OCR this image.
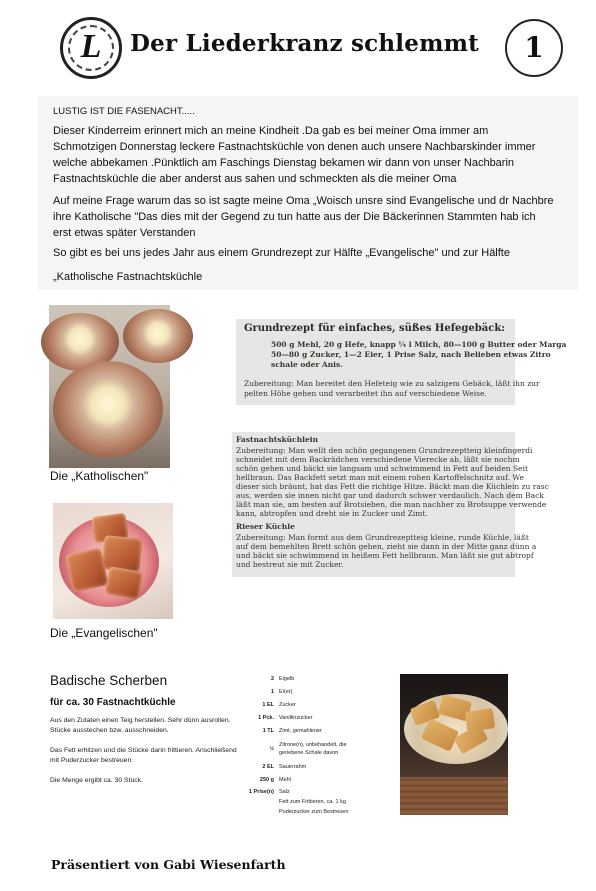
L	Der Liederkranz schlemmt	1
LUSTIG IST DIE FASENACHT.....
Dieser Kinderreim erinnert mich an meine Kindheit .Da gab es bei meiner Oma immer am
Schmotzigen Donnerstag leckere Fastnachtsküchle von denen auch unsere Nachbarskinder immer
welche abbekamen .Pünktlich am Faschings Dienstag bekamen wir dann von unser Nachbarin
Fastnachtsküchle die aber anderst aus sahen und schmeckten als die meiner Oma
Auf meine Frage warum das so ist sagte meine Oma „Woisch unsre sind Evangelische und dr Nachbre
ihre Katholische "Das dies mit der Gegend zu tun hatte aus der Die Bäckerinnen Stammten hab ich
erst etwas später Verstanden
So gibt es bei uns jedes Jahr aus einem Grundrezept zur Hälfte „Evangelische" und zur Hälfte
„Katholische Fastnachtsküchle
Die „Katholischen"
Die „Evangelischen"
Grundrezept für einfaches, süßes Hefegebäck:
500 g Mehl, 20 g Hefe, knapp ¼ l Milch, 80—100 g Butter oder Marga
50—80 g Zucker, 1—2 Eier, 1 Prise Salz, nach Belieben etwas Zitro
schale oder Anis.
Zubereitung: Man bereitet den Hefeteig wie zu salzigem Gebäck, läßt ihn zur
pelten Höhe gehen und verarbeitet ihn auf verschiedene Weise.
Fastnachtsküchlein
Zubereitung: Man wellt den schön gegangenen Grundrezeptteig kleinfingerdi
schneidet mit dem Backrädchen verschiedene Vierecke ab, läßt sie nochm
schön gehen und bäckt sie langsam und schwimmend in Fett auf beiden Seit
hellbraun. Das Backfett setzt man mit einem rohen Kartoffelschnitz auf. We
dieser sich bräunt, hat das Fett die richtige Hitze. Bäckt man die Küchlein zu rasc
aus, werden sie innen nicht gar und dadurch schwer verdaulich. Nach dem Back
läßt man sie, am besten auf Brotsieben, die man nachher zu Brotsuppe verwende
kann, abtropfen und dreht sie in Zucker und Zimt.
Rieser Küchle
Zubereitung: Man formt aus dem Grundrezeptteig kleine, runde Küchle, läßt
auf dem bemehlten Brett schön gehen, zieht sie dann in der Mitte ganz dünn a
und bäckt sie schwimmend in heißem Fett hellbraun. Man läßt sie gut abtropf
und bestreut sie mit Zucker.
Badische Scherben
für ca. 30 Fastnachtküchle
Aus den Zutaten einen Teig herstellen. Sehr dünn ausrollen.
Stücke ausstechen bzw. ausschneiden.
Das Fett erhitzen und die Stücke darin frittieren. Anschließend
mit Puderzucker bestreuen.
Die Menge ergibt ca. 30 Stück.
2 Eigelb
1 Ei(er)
1 EL Zucker
1 Pck. Vanillinzucker
1 TL Zimt, gemahlener
½
Zitrone(n), unbehandelt, die
geriebene Schale davon
2 EL Sauerrahm
250 g Mehl
1 Prise(n) Salz
Fett zum Frittieren, ca. 1 kg
Puderzucker zum Bestreuen
Präsentiert von Gabi Wiesenfarth
